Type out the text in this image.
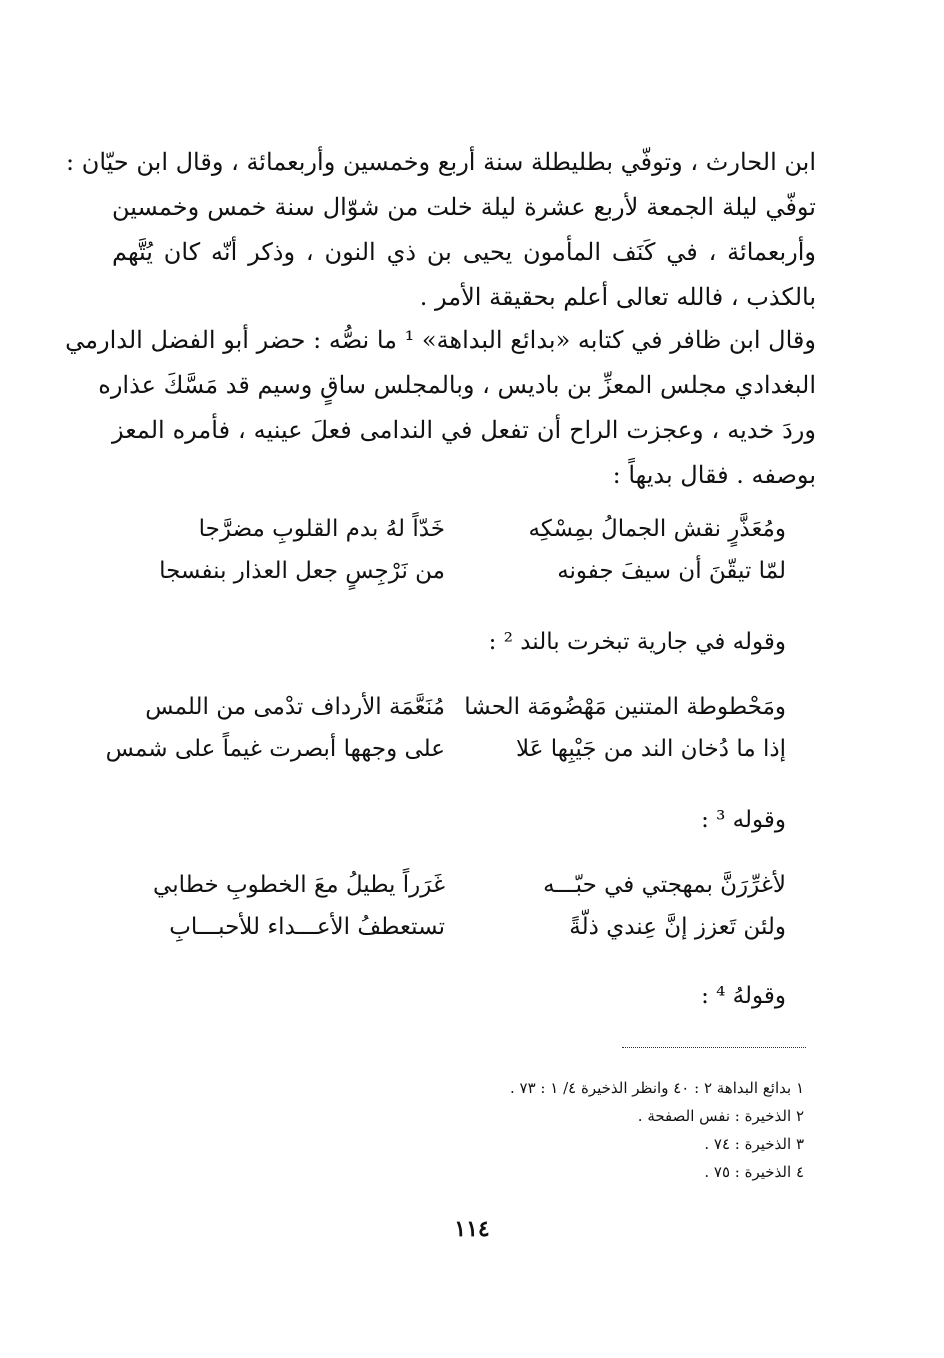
ابن الحارث ، وتوفّي بطليطلة سنة أربع وخمسين وأربعمائة ، وقال ابن حيّان :
توفّي ليلة الجمعة لأربع عشرة ليلة خلت من شوّال سنة خمس وخمسين
وأربعمائة ، في كَنَف المأمون يحيى بن ذي النون ، وذكر أنّه كان يُتَّهم
بالكذب ، فالله تعالى أعلم بحقيقة الأمر .
وقال ابن ظافر في كتابه «بدائع البداهة» ¹ ما نصُّه : حضر أبو الفضل الدارمي
البغدادي مجلس المعزِّ بن باديس ، وبالمجلس ساقٍ وسيم قد مَسَّكَ عذاره
وردَ خديه ، وعجزت الراح أن تفعل في الندامى فعلَ عينيه ، فأمره المعز
بوصفه . فقال بديهاً :
ومُعَذَّرٍ نقش الجمالُ بمِسْكِه
خَدّاً لهُ بدم القلوبِ مضرَّجا
لمّا تيقّنَ أن سيفَ جفونه
من نَرْجِسٍ جعل العذار بنفسجا
وقوله في جارية تبخرت بالند ² :
ومَحْطوطة المتنين مَهْضُومَة الحشا
مُنَعَّمَة الأرداف تدْمى من اللمس
إذا ما دُخان الند من جَيْبِها عَلا
على وجهها أبصرت غيماً على شمس
وقوله ³ :
لأغرِّرَنَّ بمهجتي في حبّـــه
غَرَراً يطيلُ معَ الخطوبِ خطابي
ولئن تَعزز إنَّ عِندي ذلّةً
تستعطفُ الأعـــداء للأحبـــابِ
وقولهُ ⁴ :
١ بدائع البداهة ٢ : ٤٠ وانظر الذخيرة ٤/ ١ : ٧٣ .
٢ الذخيرة : نفس الصفحة .
٣ الذخيرة : ٧٤ .
٤ الذخيرة : ٧٥ .
١١٤
